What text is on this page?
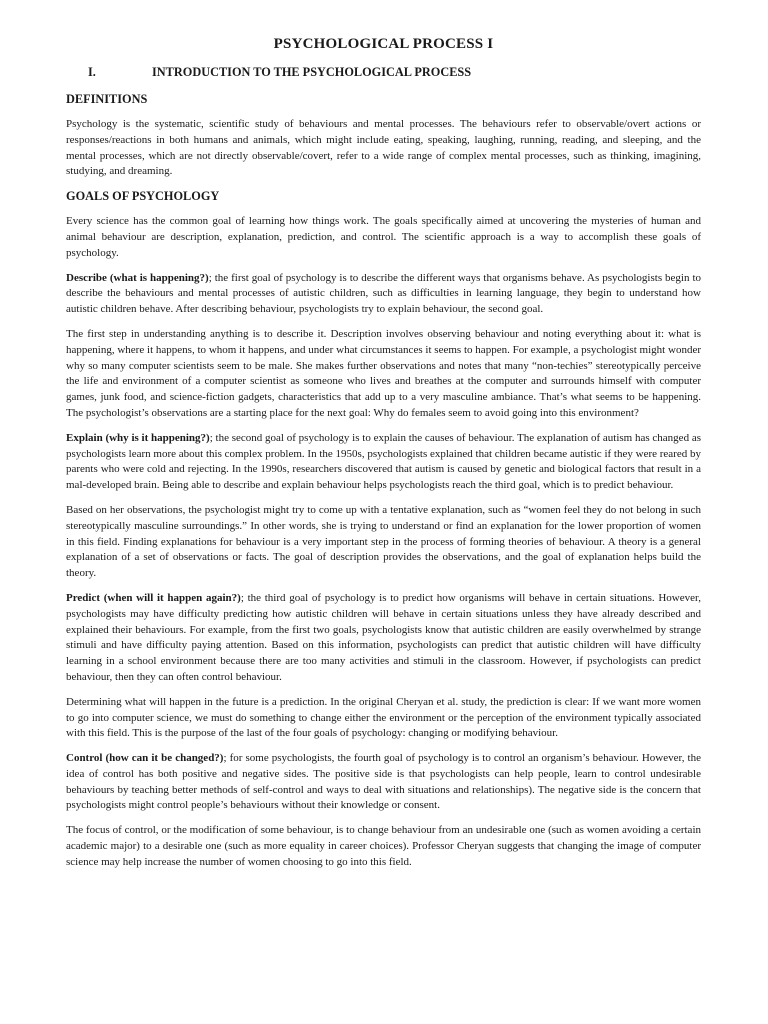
PSYCHOLOGICAL PROCESS I
I.	INTRODUCTION TO THE PSYCHOLOGICAL PROCESS
DEFINITIONS

Psychology is the systematic, scientific study of behaviours and mental processes. The behaviours refer to observable/overt actions or responses/reactions in both humans and animals, which might include eating, speaking, laughing, running, reading, and sleeping, and the mental processes, which are not directly observable/covert, refer to a wide range of complex mental processes, such as thinking, imagining, studying, and dreaming.

GOALS OF PSYCHOLOGY

Every science has the common goal of learning how things work. The goals specifically aimed at uncovering the mysteries of human and animal behaviour are description, explanation, prediction, and control. The scientific approach is a way to accomplish these goals of psychology.

Describe (what is happening?); the first goal of psychology is to describe the different ways that organisms behave. As psychologists begin to describe the behaviours and mental processes of autistic children, such as difficulties in learning language, they begin to understand how autistic children behave. After describing behaviour, psychologists try to explain behaviour, the second goal.

The first step in understanding anything is to describe it. Description involves observing behaviour and noting everything about it: what is happening, where it happens, to whom it happens, and under what circumstances it seems to happen. For example, a psychologist might wonder why so many computer scientists seem to be male. She makes further observations and notes that many “non-techies” stereotypically perceive the life and environment of a computer scientist as someone who lives and breathes at the computer and surrounds himself with computer games, junk food, and science-fiction gadgets, characteristics that add up to a very masculine ambiance. That’s what seems to be happening. The psychologist’s observations are a starting place for the next goal: Why do females seem to avoid going into this environment?

Explain (why is it happening?); the second goal of psychology is to explain the causes of behaviour. The explanation of autism has changed as psychologists learn more about this complex problem. In the 1950s, psychologists explained that children became autistic if they were reared by parents who were cold and rejecting. In the 1990s, researchers discovered that autism is caused by genetic and biological factors that result in a mal-developed brain. Being able to describe and explain behaviour helps psychologists reach the third goal, which is to predict behaviour.

Based on her observations, the psychologist might try to come up with a tentative explanation, such as “women feel they do not belong in such stereotypically masculine surroundings.” In other words, she is trying to understand or find an explanation for the lower proportion of women in this field. Finding explanations for behaviour is a very important step in the process of forming theories of behaviour. A theory is a general explanation of a set of observations or facts. The goal of description provides the observations, and the goal of explanation helps build the theory.

Predict (when will it happen again?); the third goal of psychology is to predict how organisms will behave in certain situations. However, psychologists may have difficulty predicting how autistic children will behave in certain situations unless they have already described and explained their behaviours. For example, from the first two goals, psychologists know that autistic children are easily overwhelmed by strange stimuli and have difficulty paying attention. Based on this information, psychologists can predict that autistic children will have difficulty learning in a school environment because there are too many activities and stimuli in the classroom. However, if psychologists can predict behaviour, then they can often control behaviour.

Determining what will happen in the future is a prediction. In the original Cheryan et al. study, the prediction is clear: If we want more women to go into computer science, we must do something to change either the environment or the perception of the environment typically associated with this field. This is the purpose of the last of the four goals of psychology: changing or modifying behaviour.

Control (how can it be changed?); for some psychologists, the fourth goal of psychology is to control an organism’s behaviour. However, the idea of control has both positive and negative sides. The positive side is that psychologists can help people, learn to control undesirable behaviours by teaching better methods of self-control and ways to deal with situations and relationships). The negative side is the concern that psychologists might control people’s behaviours without their knowledge or consent.

The focus of control, or the modification of some behaviour, is to change behaviour from an undesirable one (such as women avoiding a certain academic major) to a desirable one (such as more equality in career choices). Professor Cheryan suggests that changing the image of computer science may help increase the number of women choosing to go into this field.
